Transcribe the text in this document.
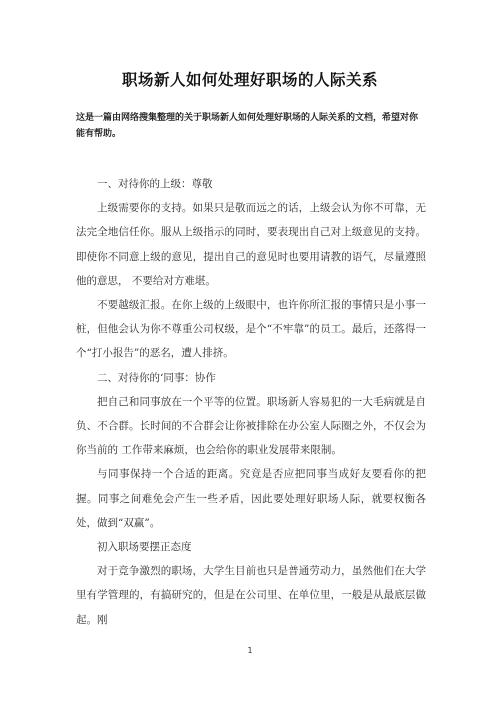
职场新人如何处理好职场的人际关系
这是一篇由网络搜集整理的关于职场新人如何处理好职场的人际关系的文档，希望对你能有帮助。

一、对待你的上级：尊敬

上级需要你的支持。如果只是敬而远之的话，上级会认为你不可靠，无法完全地信任你。服从上级指示的同时，要表现出自己对上级意见的支持。即使你不同意上级的意见，提出自己的意见时也要用请教的语气，尽量遵照他的意思， 不要给对方难堪。

不要越级汇报。在你上级的上级眼中，也许你所汇报的事情只是小事一桩，但他会认为你不尊重公司权级，是个“不牢靠”的员工。最后，还落得一个“打小报告”的恶名，遭人排挤。

二、对待你的‘同事：协作

把自己和同事放在一个平等的位置。职场新人容易犯的一大毛病就是自负、不合群。长时间的不合群会让你被排除在办公室人际圈之外，不仅会为你当前的 工作带来麻烦，也会给你的职业发展带来限制。

与同事保持一个合适的距离。究竟是否应把同事当成好友要看你的把握。同事之间难免会产生一些矛盾，因此要处理好职场人际，就要权衡各处，做到“双赢”。

初入职场要摆正态度

对于竞争激烈的职场，大学生目前也只是普通劳动力，虽然他们在大学里有学管理的，有搞研究的，但是在公司里、在单位里，一般是从最底层做起。刚

1
